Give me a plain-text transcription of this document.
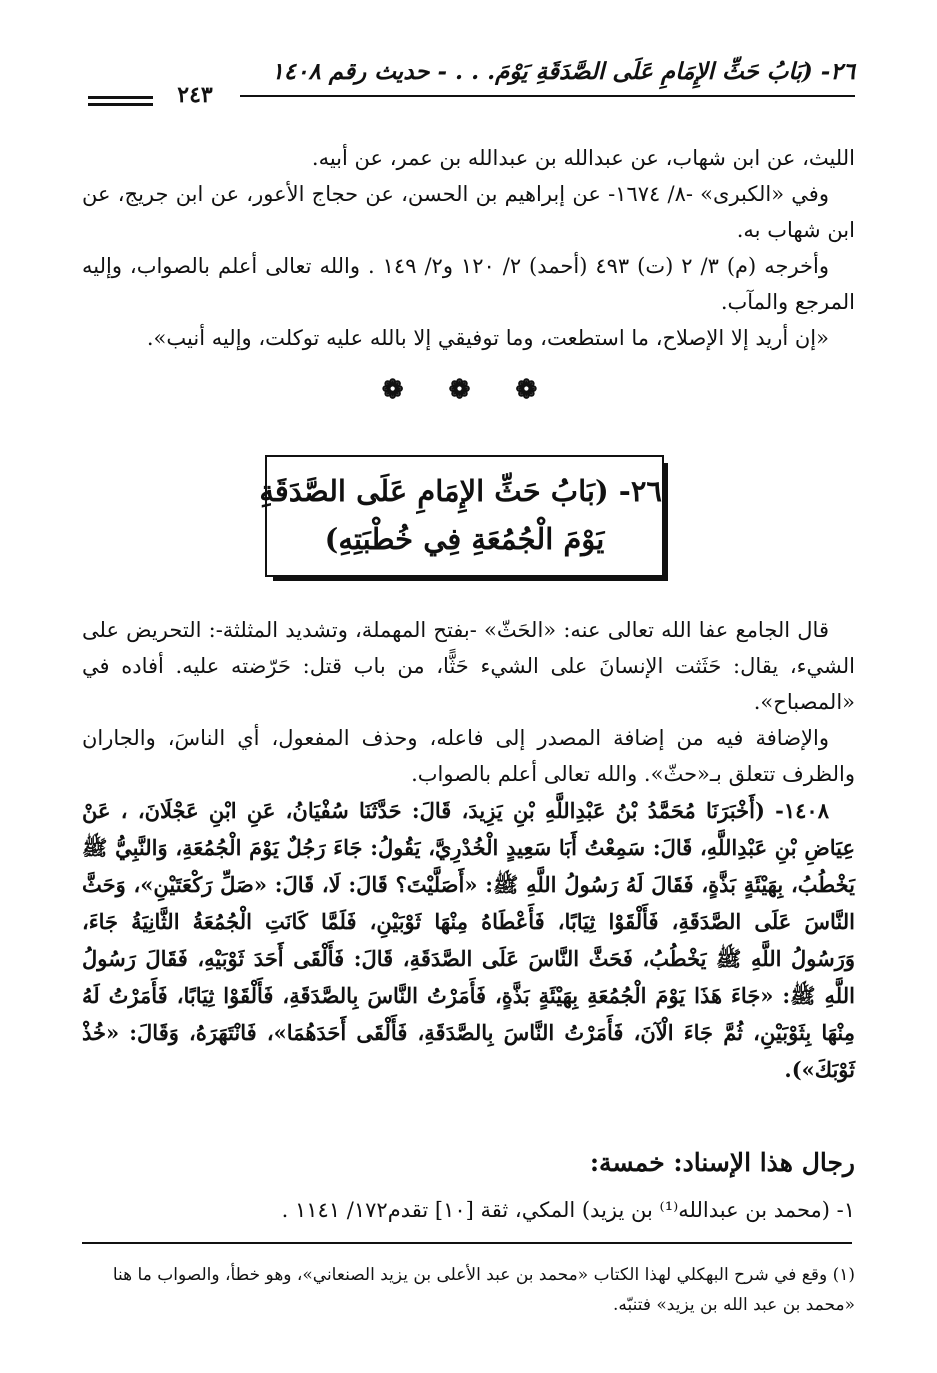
٢٦- (بَابُ حَثِّ الإِمَامِ عَلَى الصَّدَقَةِ يَوْمَ. . . - حديث رقم ١٤٠٨
٢٤٣

الليث، عن ابن شهاب، عن عبدالله بن عبدالله بن عمر، عن أبيه.

وفي «الكبرى» -٨/ ١٦٧٤- عن إبراهيم بن الحسن، عن حجاج الأعور، عن ابن جريج، عن ابن شهاب به.

وأخرجه (م) ٣/ ٢ (ت) ٤٩٣ (أحمد) ٢/ ١٢٠ و٢/ ١٤٩ . والله تعالى أعلم بالصواب، وإليه المرجع والمآب.

«إن أريد إلا الإصلاح، ما استطعت، وما توفيقي إلا بالله عليه توكلت، وإليه أنيب».

❁ ❁ ❁
٢٦- (بَابُ حَثِّ الإِمَامِ عَلَى الصَّدَقَةِ
يَوْمَ الْجُمُعَةِ فِي خُطْبَتِهِ)

قال الجامع عفا الله تعالى عنه: «الحَثّ» -بفتح المهملة، وتشديد المثلثة-: التحريض على الشيء، يقال: حَثَثت الإنسانَ على الشيء حَثًّا، من باب قتل: حَرّضته عليه. أفاده في «المصباح».

والإضافة فيه من إضافة المصدر إلى فاعله، وحذف المفعول، أي الناسَ، والجاران والظرف تتعلق بـ«حثّ». والله تعالى أعلم بالصواب.

١٤٠٨- (أَخْبَرَنَا مُحَمَّدُ بْنُ عَبْدِاللَّهِ بْنِ يَزِيدَ، قَالَ: حَدَّثَنَا سُفْيَانُ، عَنِ ابْنِ عَجْلَانَ، ، عَنْ عِيَاضِ بْنِ عَبْدِاللَّهِ، قَالَ: سَمِعْتُ أَبَا سَعِيدٍ الْخُدْرِيَّ، يَقُولُ: جَاءَ رَجُلٌ يَوْمَ الْجُمُعَةِ، وَالنَّبِيُّ ﷺ يَخْطُبُ، بِهَيْئَةٍ بَذَّةٍ، فَقَالَ لَهُ رَسُولُ اللَّهِ ﷺ: «أَصَلَّيْتَ؟ قَالَ: لَا، قَالَ: «صَلِّ رَكْعَتَيْنِ»، وَحَثَّ النَّاسَ عَلَى الصَّدَقَةِ، فَأَلْقَوْا ثِيَابًا، فَأَعْطَاهُ مِنْهَا ثَوْبَيْنِ، فَلَمَّا كَانَتِ الْجُمُعَةُ الثَّانِيَةُ جَاءَ، وَرَسُولُ اللَّهِ ﷺ يَخْطُبُ، فَحَثَّ النَّاسَ عَلَى الصَّدَقَةِ، قَالَ: فَأَلْقَى أَحَدَ ثَوْبَيْهِ، فَقَالَ رَسُولُ اللَّهِ ﷺ: «جَاءَ هَذَا يَوْمَ الْجُمُعَةِ بِهَيْئَةٍ بَذَّةٍ، فَأَمَرْتُ النَّاسَ بِالصَّدَقَةِ، فَأَلْقَوْا ثِيَابًا، فَأَمَرْتُ لَهُ مِنْهَا بِثَوْبَيْنِ، ثُمَّ جَاءَ الْآنَ، فَأَمَرْتُ النَّاسَ بِالصَّدَقَةِ، فَأَلْقَى أَحَدَهُمَا»، فَانْتَهَرَهُ، وَقَالَ: «خُذْ ثَوْبَكَ»).

رجال هذا الإسناد: خمسة:
١- (محمد بن عبدالله⁽¹⁾ بن يزيد) المكي، ثقة [١٠] تقدم١٧٢/ ١١٤١ .
(١) وقع في شرح البهكلي لهذا الكتاب «محمد بن عبد الأعلى بن يزيد الصنعاني»، وهو خطأ، والصواب ما هنا «محمد بن عبد الله بن يزيد» فتنبّه.
